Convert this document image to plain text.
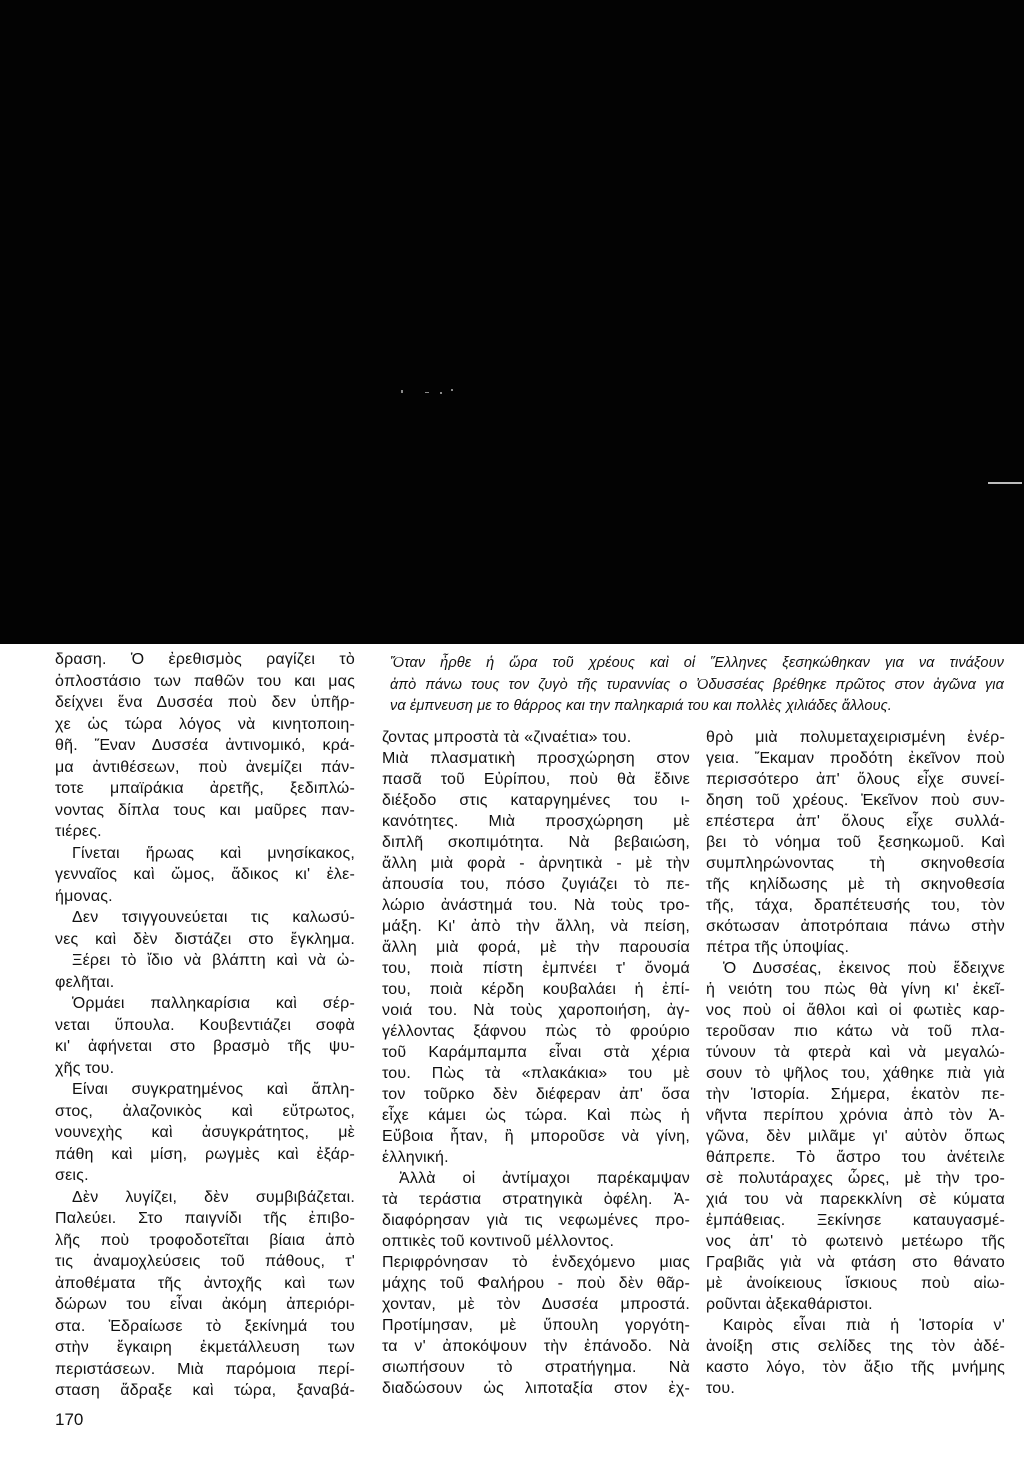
Ὅταν ἦρθε ἡ ὥρα τοῦ χρέους καὶ οἱ Ἕλληνες ξεσηκώθηκαν για να τινάξουν
ἀπὸ πάνω τους τον ζυγὸ τῆς τυραννίας ο Ὀδυσσέας βρέθηκε πρῶτος στον ἀγῶνα για
να ἐμπνευση με το θάρρος και την παληκαριά του και πολλὲς χιλιάδες ἄλλους.
δραση. Ὁ ἐρεθισμὸς ραγίζει τὸ
ὁπλοστάσιο των παθῶν του και μας
δείχνει ἕνα Δυσσέα ποὺ δεν ὑπῆρ-
χε ὡς τώρα λόγος νὰ κινητοποιη-
θῆ. Ἕναν Δυσσέα ἀντινομικό, κρά-
μα ἀντιθέσεων, ποὺ ἀνεμίζει πάν-
τοτε μπαϊράκια ἀρετῆς, ξεδιπλώ-
νοντας δίπλα τους και μαῦρες παν-
τιέρες.
Γίνεται ἥρωας καὶ μνησίκακος,
γενναῖος καὶ ὤμος, ἄδικος κι' ἐλε-
ήμονας.
Δεν τσιγγουνεύεται τις καλωσύ-
νες καὶ δὲν διστάζει στο ἔγκλημα.
Ξέρει τὸ ἴδιο νὰ βλάπτη καὶ νὰ ὠ-
φελῆται.
Ὁρμάει παλληκαρίσια καὶ σέρ-
νεται ὕπουλα. Κουβεντιάζει σοφὰ
κι' ἀφήνεται στο βρασμὸ τῆς ψυ-
χῆς του.
Είναι συγκρατημένος καὶ ἄπλη-
στος, ἀλαζονικὸς καὶ εὔτρωτος,
νουνεχὴς καὶ ἀσυγκράτητος, μὲ
πάθη καὶ μίση, ρωγμὲς καὶ ἐξάρ-
σεις.
Δὲν λυγίζει, δὲν συμβιβάζεται.
Παλεύει. Στο παιγνίδι τῆς ἐπιβο-
λῆς ποὺ τροφοδοτεῖται βίαια ἀπὸ
τις ἀναμοχλεύσεις τοῦ πάθους, τ'
ἀποθέματα τῆς ἀντοχῆς καὶ των
δώρων του εἶναι ἀκόμη ἀπεριόρι-
στα. Ἑδραίωσε τὸ ξεκίνημά του
στὴν ἔγκαιρη ἐκμετάλλευση των
περιστάσεων. Μιὰ παρόμοια περί-
σταση ἅδραξε καὶ τώρα, ξαναβά-
ζοντας μπροστὰ τὰ «ζιναέτια» του.
Μιὰ πλασματικὴ προσχώρηση στον
πασᾶ τοῦ Εὐρίπου, ποὺ θὰ ἔδινε
διέξοδο στις καταργημένες του ι-
κανότητες. Μιὰ προσχώρηση μὲ
διπλῆ σκοπιμότητα. Νὰ βεβαιώση,
ἄλλη μιὰ φορὰ - ἀρνητικὰ - μὲ τὴν
ἀπουσία του, πόσο ζυγιάζει τὸ πε-
λώριο ἀνάστημά του. Νὰ τοὺς τρο-
μάξη. Κι' ἀπὸ τὴν ἄλλη, νὰ πείση,
ἄλλη μιὰ φορά, μὲ τὴν παρουσία
του, ποιὰ πίστη ἐμπνέει τ' ὄνομά
του, ποιὰ κέρδη κουβαλάει ἡ ἐπί-
νοιά του. Νὰ τοὺς χαροποιήση, ἀγ-
γέλλοντας ξάφνου πὼς τὸ φρούριο
τοῦ Καράμπαμπα εἶναι στὰ χέρια
του. Πὼς τὰ «πλακάκια» του μὲ
τον τοῦρκο δὲν διέφεραν ἀπ' ὅσα
εἶχε κάμει ὡς τώρα. Καὶ πὼς ἡ
Εὔβοια ἦταν, ἢ μποροῦσε νὰ γίνη,
ἑλληνική.
Ἀλλὰ οἱ ἀντίμαχοι παρέκαμψαν
τὰ τεράστια στρατηγικὰ ὀφέλη. Ἀ-
διαφόρησαν γιὰ τις νεφωμένες προ-
οπτικὲς τοῦ κοντινοῦ μέλλοντος.
Περιφρόνησαν τὸ ἐνδεχόμενο μιας
μάχης τοῦ Φαλήρου - ποὺ δὲν θᾶρ-
χονταν, μὲ τὸν Δυσσέα μπροστά.
Προτίμησαν, μὲ ὕπουλη γοργότη-
τα ν' ἀποκόψουν τὴν ἐπάνοδο. Νὰ
σιωπήσουν τὸ στρατήγημα. Νὰ
διαδώσουν ὡς λιποταξία στον ἐχ-
θρὸ μιὰ πολυμεταχειρισμένη ἐνέρ-
γεια. Ἔκαμαν προδότη ἐκεῖνον ποὺ
περισσότερο ἀπ' ὅλους εἶχε συνεί-
δηση τοῦ χρέους. Ἐκεῖνον ποὺ συν-
επέστερα ἀπ' ὅλους εἶχε συλλά-
βει τὸ νόημα τοῦ ξεσηκωμοῦ. Καὶ
συμπληρώνοντας τὴ σκηνοθεσία
τῆς κηλίδωσης μὲ τὴ σκηνοθεσία
τῆς, τάχα, δραπέτευσής του, τὸν
σκότωσαν ἀποτρόπαια πάνω στὴν
πέτρα τῆς ὑποψίας.
Ὁ Δυσσέας, ἐκεινος ποὺ ἔδειχνε
ἡ νειότη του πὼς θὰ γίνη κι' ἐκεῖ-
νος ποὺ οἱ ἄθλοι καὶ οἱ φωτιὲς καρ-
τεροῦσαν πιο κάτω νὰ τοῦ πλα-
τύνουν τὰ φτερὰ καὶ νὰ μεγαλώ-
σουν τὸ ψῆλος του, χάθηκε πιὰ γιὰ
τὴν Ἱστορία. Σήμερα, ἑκατὸν πε-
νῆντα περίπου χρόνια ἀπὸ τὸν Ἀ-
γῶνα, δὲν μιλᾶμε γι' αὐτὸν ὅπως
θάπρεπε. Τὸ ἄστρο του ἀνέτειλε
σὲ πολυτάραχες ὧρες, μὲ τὴν τρο-
χιά του νὰ παρεκκλίνη σὲ κύματα
ἐμπάθειας. Ξεκίνησε καταυγασμέ-
νος ἀπ' τὸ φωτεινὸ μετέωρο τῆς
Γραβιᾶς γιὰ νὰ φτάση στο θάνατο
μὲ ἀνοίκειους ἴσκιους ποὺ αἰω-
ροῦνται ἀξεκαθάριστοι.
Καιρὸς εἶναι πιὰ ἡ Ἱστορία ν'
ἀνοίξη στις σελίδες της τὸν ἀδέ-
καστο λόγο, τὸν ἄξιο τῆς μνήμης
του.
170
